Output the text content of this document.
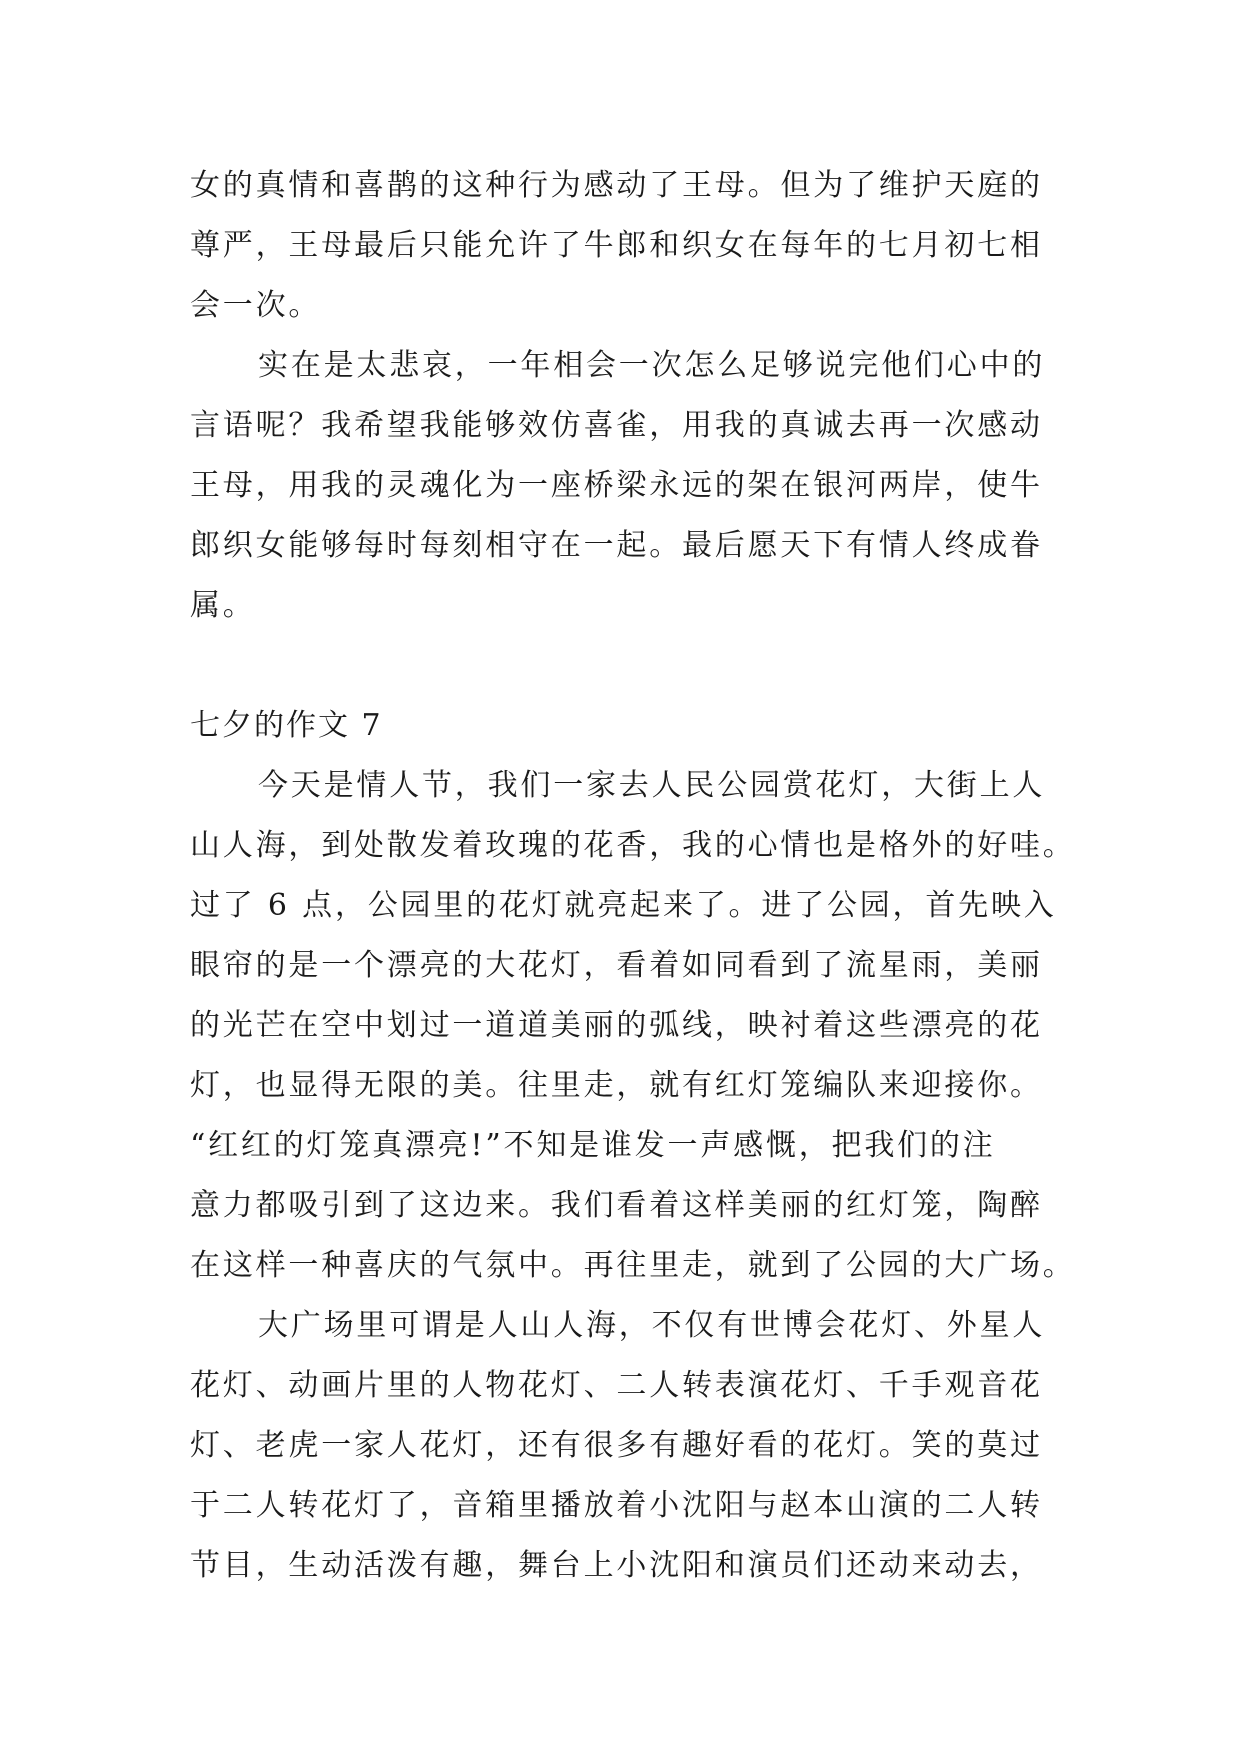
女的真情和喜鹊的这种行为感动了王母。但为了维护天庭的
尊严，王母最后只能允许了牛郎和织女在每年的七月初七相
会一次。
实在是太悲哀，一年相会一次怎么足够说完他们心中的
言语呢？我希望我能够效仿喜雀，用我的真诚去再一次感动
王母，用我的灵魂化为一座桥梁永远的架在银河两岸，使牛
郎织女能够每时每刻相守在一起。最后愿天下有情人终成眷
属。
七夕的作文 7
今天是情人节，我们一家去人民公园赏花灯，大街上人
山人海，到处散发着玫瑰的花香，我的心情也是格外的好哇。
过了 6 点，公园里的花灯就亮起来了。进了公园，首先映入
眼帘的是一个漂亮的大花灯，看着如同看到了流星雨，美丽
的光芒在空中划过一道道美丽的弧线，映衬着这些漂亮的花
灯，也显得无限的美。往里走，就有红灯笼编队来迎接你。
“红红的灯笼真漂亮!”不知是谁发一声感慨，把我们的注
意力都吸引到了这边来。我们看着这样美丽的红灯笼，陶醉
在这样一种喜庆的气氛中。再往里走，就到了公园的大广场。
大广场里可谓是人山人海，不仅有世博会花灯、外星人
花灯、动画片里的人物花灯、二人转表演花灯、千手观音花
灯、老虎一家人花灯，还有很多有趣好看的花灯。笑的莫过
于二人转花灯了，音箱里播放着小沈阳与赵本山演的二人转
节目，生动活泼有趣，舞台上小沈阳和演员们还动来动去，
